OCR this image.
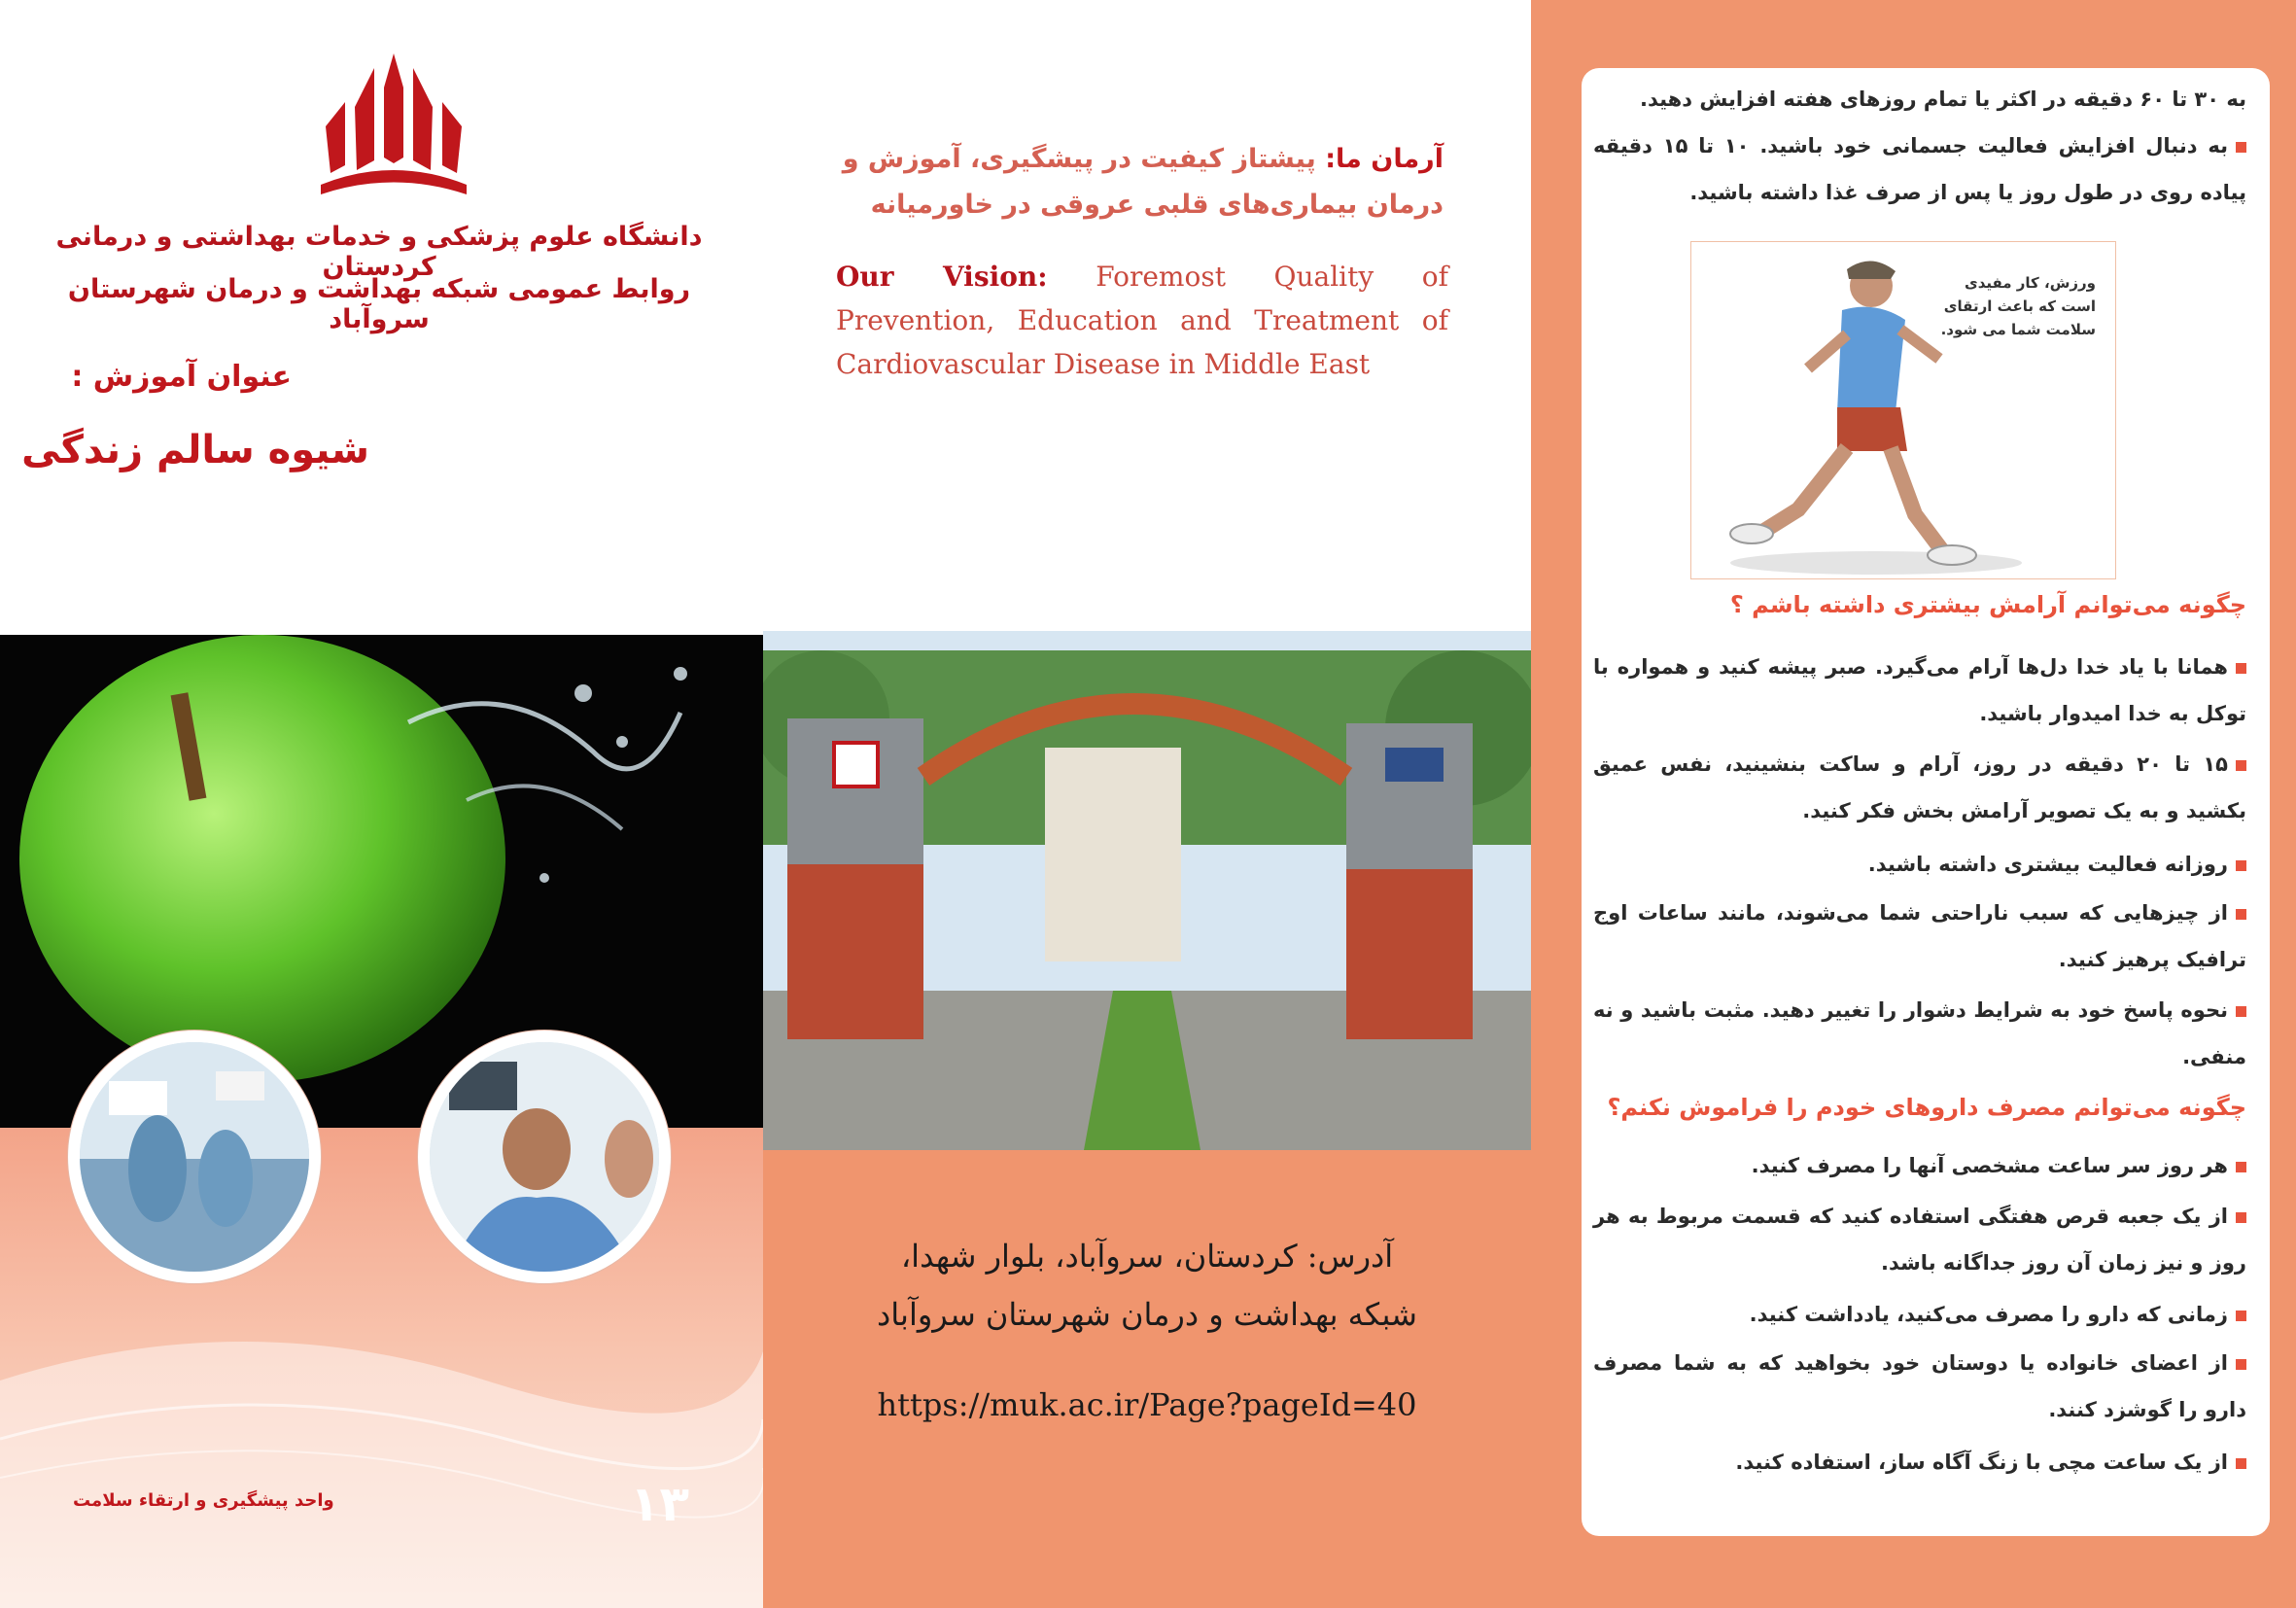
دانشگاه علوم پزشکی و خدمات بهداشتی و درمانی کردستان
روابط عمومی شبکه بهداشت و درمان شهرستان سروآباد
عنوان آموزش :
شیوه سالم زندگی
واحد پیشگیری و ارتقاء سلامت	۱۳
آرمان ما: پیشتاز کیفیت در پیشگیری، آموزش و درمان بیماری‌های قلبی عروقی در خاورمیانه
Our Vision: Foremost Quality of Prevention, Education and Treatment of Cardiovascular Disease in Middle East
آدرس: کردستان، سروآباد، بلوار شهدا،
شبکه بهداشت و درمان شهرستان سروآباد
https://muk.ac.ir/Page?pageId=40
به ۳۰ تا ۶۰ دقیقه در اکثر یا تمام روزهای هفته افزایش دهید.
به دنبال افزایش فعالیت جسمانی خود باشید. ۱۰ تا ۱۵ دقیقه پیاده روی در طول روز یا پس از صرف غذا داشته باشید.
ورزش، کار مفیدی است که باعث ارتقای سلامت شما می شود.
چگونه می‌توانم آرامش بیشتری داشته باشم ؟
همانا با یاد خدا دل‌ها آرام می‌گیرد. صبر پیشه کنید و همواره با توکل به خدا امیدوار باشید.
۱۵ تا ۲۰ دقیقه در روز، آرام و ساکت بنشینید، نفس عمیق بکشید و به یک تصویر آرامش بخش فکر کنید.
روزانه فعالیت بیشتری داشته باشید.
از چیزهایی که سبب ناراحتی شما می‌شوند، مانند ساعات اوج ترافیک پرهیز کنید.
نحوه پاسخ خود به شرایط دشوار را تغییر دهید. مثبت باشید و نه منفی.
چگونه می‌توانم مصرف داروهای خودم را فراموش نکنم؟
هر روز سر ساعت مشخصی آنها را مصرف کنید.
از یک جعبه قرص هفتگی استفاده کنید که قسمت مربوط به هر روز و نیز زمان آن روز جداگانه باشد.
زمانی که دارو را مصرف می‌کنید، یادداشت کنید.
از اعضای خانواده یا دوستان خود بخواهید که به شما مصرف دارو را گوشزد کنند.
از یک ساعت مچی با زنگ آگاه ساز، استفاده کنید.
